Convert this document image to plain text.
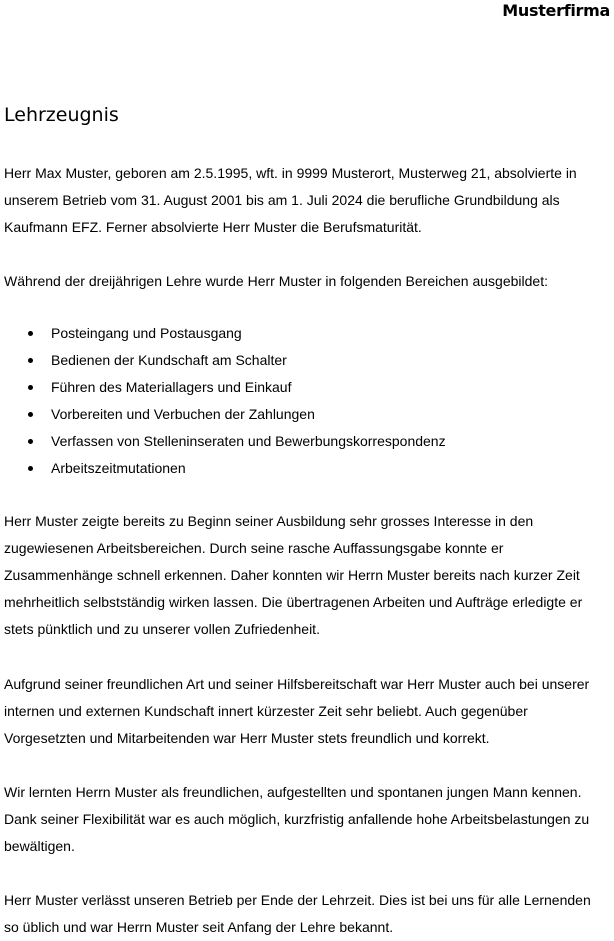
Musterfirma
Lehrzeugnis

Herr Max Muster, geboren am 2.5.1995, wft. in 9999 Musterort, Musterweg 21, absolvierte in unserem Betrieb vom 31. August 2001 bis am 1. Juli 2024 die berufliche Grundbildung als Kaufmann EFZ. Ferner absolvierte Herr Muster die Berufsmaturität.

Während der dreijährigen Lehre wurde Herr Muster in folgenden Bereichen ausgebildet:

Posteingang und Postausgang
Bedienen der Kundschaft am Schalter
Führen des Materiallagers und Einkauf
Vorbereiten und Verbuchen der Zahlungen
Verfassen von Stelleninseraten und Bewerbungskorrespondenz
Arbeitszeitmutationen

Herr Muster zeigte bereits zu Beginn seiner Ausbildung sehr grosses Interesse in den zugewiesenen Arbeitsbereichen. Durch seine rasche Auffassungsgabe konnte er Zusammenhänge schnell erkennen. Daher konnten wir Herrn Muster bereits nach kurzer Zeit mehrheitlich selbstständig wirken lassen. Die übertragenen Arbeiten und Aufträge erledigte er stets pünktlich und zu unserer vollen Zufriedenheit.

Aufgrund seiner freundlichen Art und seiner Hilfsbereitschaft war Herr Muster auch bei unserer internen und externen Kundschaft innert kürzester Zeit sehr beliebt. Auch gegenüber Vorgesetzten und Mitarbeitenden war Herr Muster stets freundlich und korrekt.

Wir lernten Herrn Muster als freundlichen, aufgestellten und spontanen jungen Mann kennen. Dank seiner Flexibilität war es auch möglich, kurzfristig anfallende hohe Arbeitsbelastungen zu bewältigen.

Herr Muster verlässt unseren Betrieb per Ende der Lehrzeit. Dies ist bei uns für alle Lernenden so üblich und war Herrn Muster seit Anfang der Lehre bekannt.
